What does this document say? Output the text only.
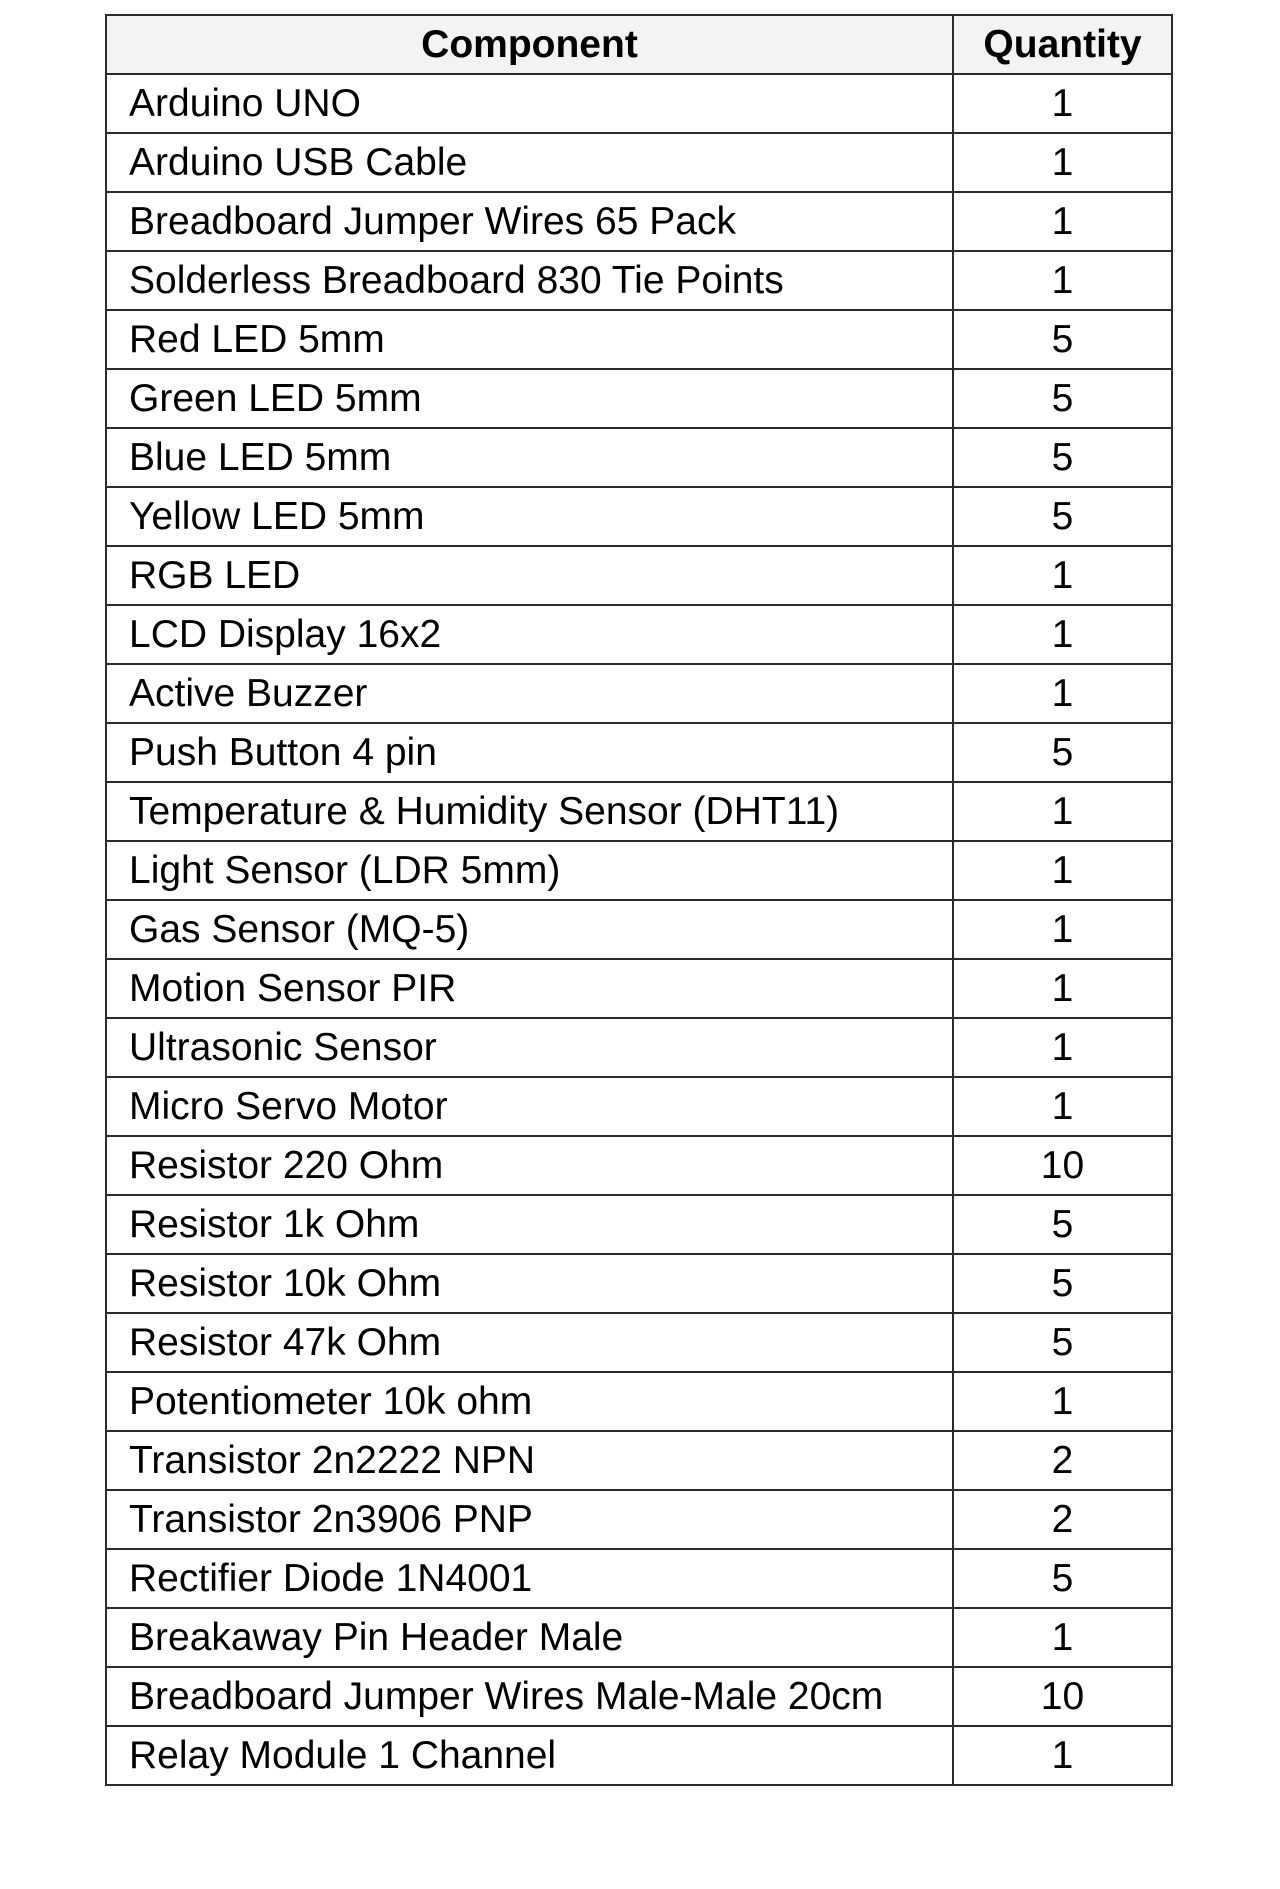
Component	Quantity
Arduino UNO	1
Arduino USB Cable	1
Breadboard Jumper Wires 65 Pack	1
Solderless Breadboard 830 Tie Points	1
Red LED 5mm	5
Green LED 5mm	5
Blue LED 5mm	5
Yellow LED 5mm	5
RGB LED	1
LCD Display 16x2	1
Active Buzzer	1
Push Button 4 pin	5
Temperature & Humidity Sensor (DHT11)	1
Light Sensor (LDR 5mm)	1
Gas Sensor (MQ-5)	1
Motion Sensor PIR	1
Ultrasonic Sensor	1
Micro Servo Motor	1
Resistor 220 Ohm	10
Resistor 1k Ohm	5
Resistor 10k Ohm	5
Resistor 47k Ohm	5
Potentiometer 10k ohm	1
Transistor 2n2222 NPN	2
Transistor 2n3906 PNP	2
Rectifier Diode 1N4001	5
Breakaway Pin Header Male	1
Breadboard Jumper Wires Male-Male 20cm	10
Relay Module 1 Channel	1
